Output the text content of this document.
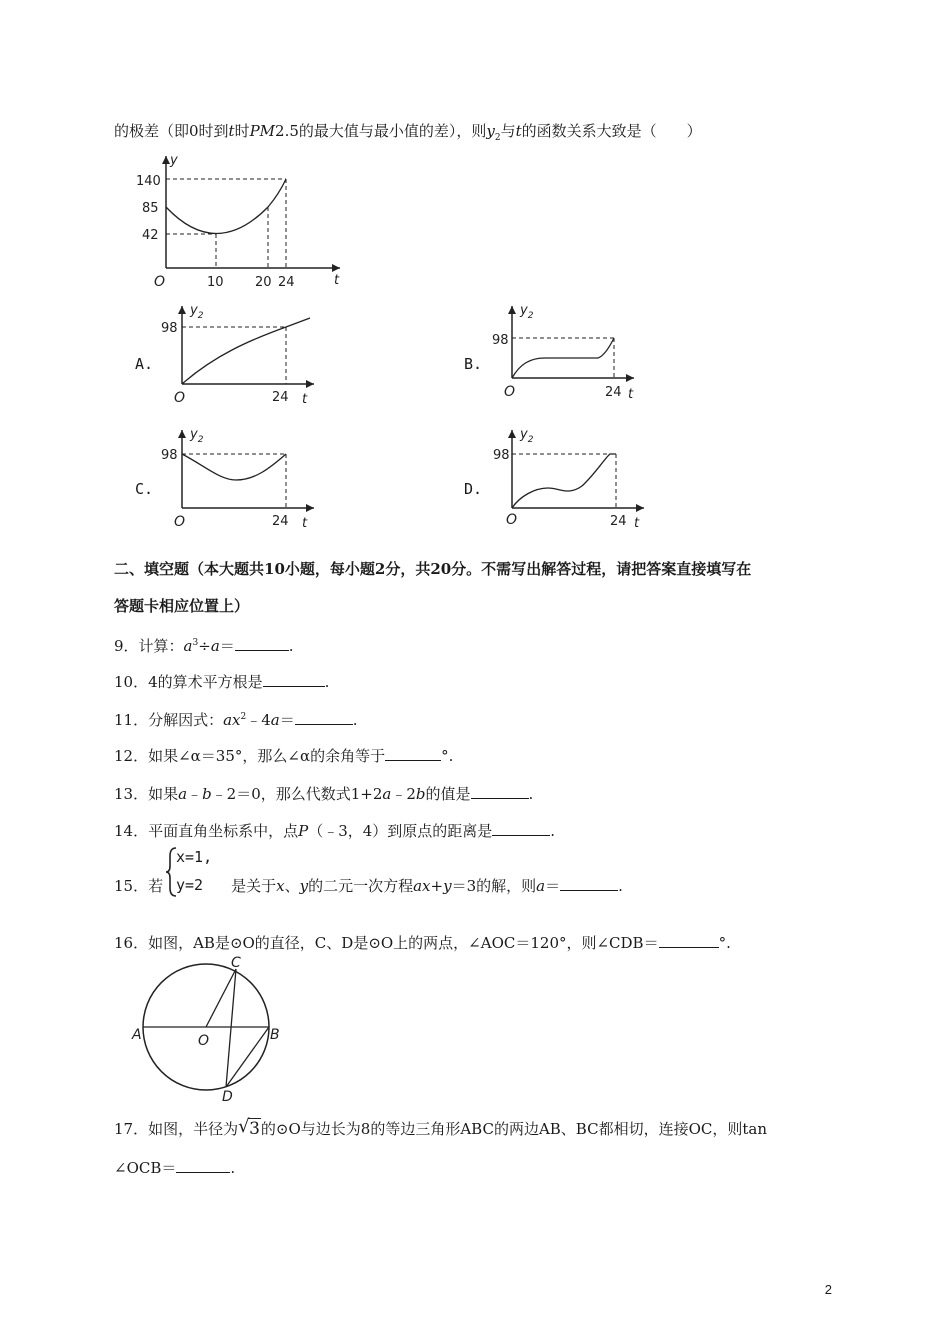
的极差（即0时到t时PM2.5的最大值与最小值的差），则$y_2$与t的函数关系大致是（　　）
y
t
O
140
85
42
10 20 24
A.
$y_2$
98
24 t
O
B.
$y_2$
98
24 t
O
C.
$y_2$
98
24 t
O
D.
$y_2$
98
24 t
O
二、填空题（本大题共10小题，每小题2分，共20分。不需写出解答过程，请把答案直接填写在
答题卡相应位置上）
9．计算：$a^3\div a=$	.
10．4的算术平方根是	.
11．分解因式：$ax^2﹣4a=$	.
12．如果∠α＝35°，那么∠α的余角等于	°.
13．如果a﹣b﹣2＝0，那么代数式1+2a﹣2b的值是	.
14．平面直角坐标系中，点P（﹣3，4）到原点的距离是	.
x=1,
y=2
15．若	是关于x、y的二元一次方程ax+y＝3的解，则a＝	.
16．如图，AB是⊙O的直径，C、D是⊙O上的两点，∠AOC＝120°，则∠CDB＝	°.
A	B
C
D
O
17．如图，半径为 √ 3的⊙O与边长为8的等边三角形ABC的两边AB、BC都相切，连接OC，则tan
∠OCB＝	.
2
